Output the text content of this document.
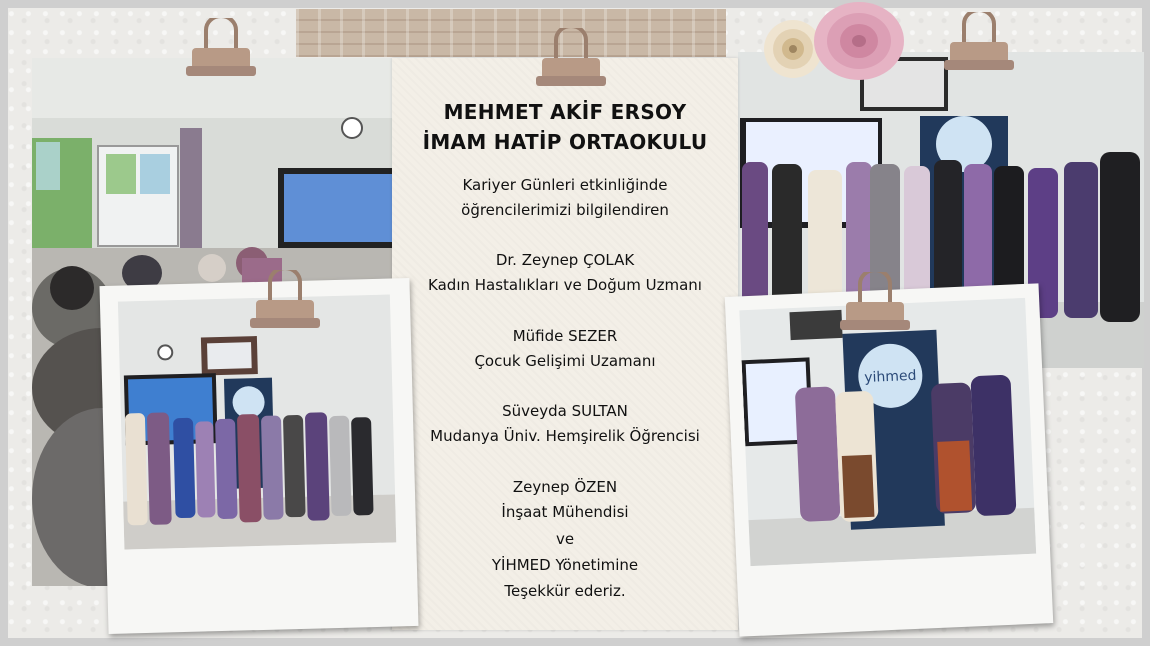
MEHMET AKİF ERSOY
İMAM HATİP ORTAOKULU
Kariyer Günleri etkinliğinde
öğrencilerimizi bilgilendiren
Dr. Zeynep ÇOLAK
Kadın Hastalıkları ve Doğum Uzmanı
Müfide SEZER
Çocuk Gelişimi Uzamanı
Süveyda SULTAN
Mudanya Üniv. Hemşirelik Öğrencisi
Zeynep ÖZEN
İnşaat Mühendisi
ve
YİHMED Yönetimine
Teşekkür ederiz.
yihmed
